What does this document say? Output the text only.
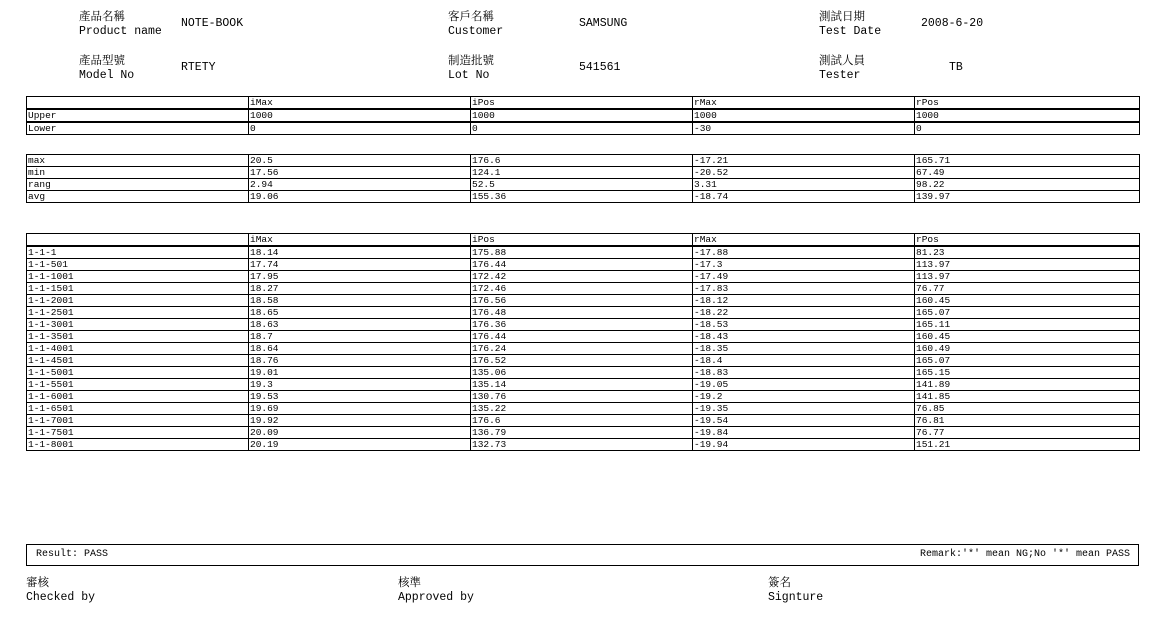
產品名稱
Product name
NOTE-BOOK
客戶名稱
Customer
SAMSUNG
測試日期
Test Date
2008-6-20
產品型號
Model No
RTETY
制造批號
Lot No
541561
測試人員
Tester
TB
	iMax	iPos	rMax	rPos
Upper	1000	1000	1000	1000
Lower	0	0	-30	0
max	20.5	176.6	-17.21	165.71
min	17.56	124.1	-20.52	67.49
rang	2.94	52.5	3.31	98.22
avg	19.06	155.36	-18.74	139.97
	iMax	iPos	rMax	rPos
1-1-1	18.14	175.88	-17.88	81.23
1-1-501	17.74	176.44	-17.3	113.97
1-1-1001	17.95	172.42	-17.49	113.97
1-1-1501	18.27	172.46	-17.83	76.77
1-1-2001	18.58	176.56	-18.12	160.45
1-1-2501	18.65	176.48	-18.22	165.07
1-1-3001	18.63	176.36	-18.53	165.11
1-1-3501	18.7	176.44	-18.43	160.45
1-1-4001	18.64	176.24	-18.35	160.49
1-1-4501	18.76	176.52	-18.4	165.07
1-1-5001	19.01	135.06	-18.83	165.15
1-1-5501	19.3	135.14	-19.05	141.89
1-1-6001	19.53	130.76	-19.2	141.85
1-1-6501	19.69	135.22	-19.35	76.85
1-1-7001	19.92	176.6	-19.54	76.81
1-1-7501	20.09	136.79	-19.84	76.77
1-1-8001	20.19	132.73	-19.94	151.21
Result: PASS	Remark:'*' mean NG;No '*' mean PASS
審核
Checked by
核準
Approved by
簽名
Signture
